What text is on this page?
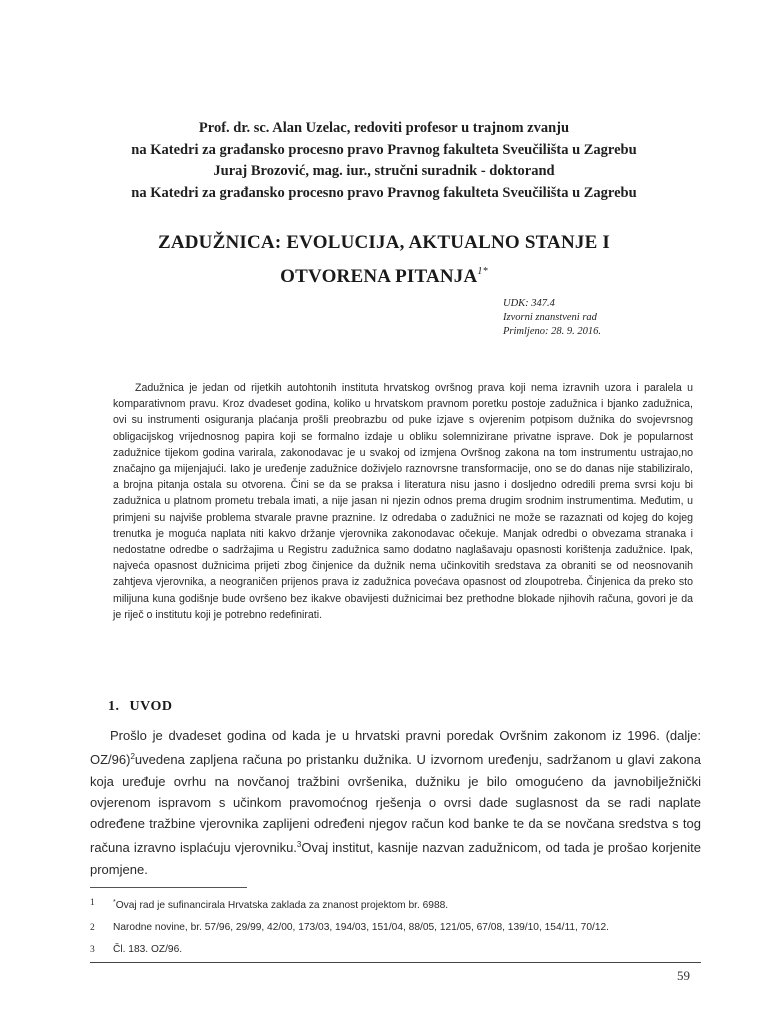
Prof. dr. sc. Alan Uzelac, redoviti profesor u trajnom zvanju
na Katedri za građansko procesno pravo Pravnog fakulteta Sveučilišta u Zagrebu
Juraj Brozović, mag. iur., stručni suradnik - doktorand
na Katedri za građansko procesno pravo Pravnog fakulteta Sveučilišta u Zagrebu
ZADUŽNICA: EVOLUCIJA, AKTUALNO STANJE I
OTVORENA $PITANJA^{1*}$
UDK: 347.4
Izvorni znanstveni rad
Primljeno: 28. 9. 2016.

Zadužnica je jedan od rijetkih autohtonih instituta hrvatskog ovršnog prava koji nema izravnih uzora i paralela u komparativnom pravu. Kroz dvadeset godina, koliko u hrvatskom pravnom poretku postoje zadužnica i bjanko zadužnica, ovi su instrumenti osiguranja plaćanja prošli preobrazbu od puke izjave s ovjerenim potpisom dužnika do svojevrsnog obligacijskog vrijednosnog papira koji se formalno izdaje u obliku solemnizirane privatne isprave. Dok je popularnost zadužnice tijekom godina varirala, zakonodavac je u svakoj od izmjena Ovršnog zakona na tom instrumentu ustrajao,no značajno ga mijenjajući. Iako je uređenje zadužnice doživjelo raznovrsne transformacije, ono se do danas nije stabiliziralo, a brojna pitanja ostala su otvorena. Čini se da se praksa i literatura nisu jasno i dosljedno odredili prema svrsi koju bi zadužnica u platnom prometu trebala imati, a nije jasan ni njezin odnos prema drugim srodnim instrumentima. Međutim, u primjeni su najviše problema stvarale pravne praznine. Iz odredaba o zadužnici ne može se razaznati od kojeg do kojeg trenutka je moguća naplata niti kakvo držanje vjerovnika zakonodavac očekuje. Manjak odredbi o obvezama stranaka i nedostatne odredbe o sadržajima u Registru zadužnica samo dodatno naglašavaju opasnosti korištenja zadužnice. Ipak, najveća opasnost dužnicima prijeti zbog činjenice da dužnik nema učinkovitih sredstava za obraniti se od neosnovanih zahtjeva vjerovnika, a neograničen prijenos prava iz zadužnica povećava opasnost od zloupotreba. Činjenica da preko sto milijuna kuna godišnje bude ovršeno bez ikakve obavijesti dužnicimai bez prethodne blokade njihovih računa, govori je da je riječ o institutu koji je potrebno redefinirati.

1. UVOD

Prošlo je dvadeset godina od kada je u hrvatski pravni poredak Ovršnim zakonom iz 1996. (dalje: OZ/96)$^2$uvedena zapljena računa po pristanku dužnika. U izvornom uređenju, sadržanom u glavi zakona koja uređuje ovrhu na novčanoj tražbini ovršenika, dužniku je bilo omogućeno da javnobilježnički ovjerenom ispravom s učinkom pravomoćnog rješenja o ovrsi dade suglasnost da se radi naplate određene tražbine vjerovnika zaplijeni određeni njegov račun kod banke te da se novčana sredstva s tog računa izravno isplaćuju vjerovniku.$^3$Ovaj institut, kasnije nazvan zadužnicom, od tada je prošao korjenite promjene.

1	*Ovaj rad je sufinancirala Hrvatska zaklada za znanost projektom br. 6988.
2	Narodne novine, br. 57/96, 29/99, 42/00, 173/03, 194/03, 151/04, 88/05, 121/05, 67/08, 139/10, 154/11, 70/12.
3	Čl. 183. OZ/96.
59
